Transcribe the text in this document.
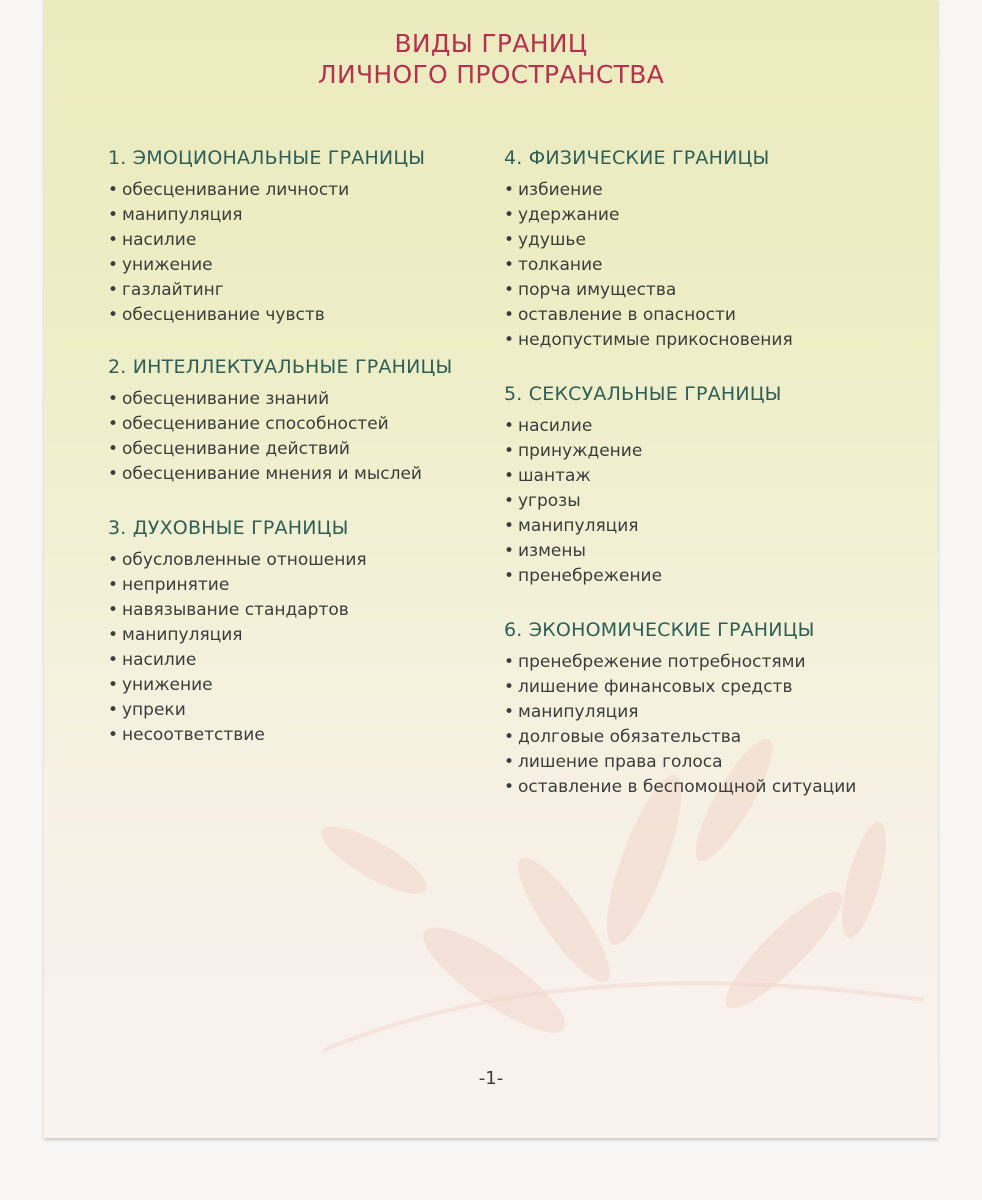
ВИДЫ ГРАНИЦ
ЛИЧНОГО ПРОСТРАНСТВА
1. ЭМОЦИОНАЛЬНЫЕ ГРАНИЦЫ
• обесценивание личности
• манипуляция
• насилие
• унижение
• газлайтинг
• обесценивание чувств
2. ИНТЕЛЛЕКТУАЛЬНЫЕ ГРАНИЦЫ
• обесценивание знаний
• обесценивание способностей
• обесценивание действий
• обесценивание мнения и мыслей
3. ДУХОВНЫЕ ГРАНИЦЫ
• обусловленные отношения
• непринятие
• навязывание стандартов
• манипуляция
• насилие
• унижение
• упреки
• несоответствие
4. ФИЗИЧЕСКИЕ ГРАНИЦЫ
• избиение
• удержание
• удушье
• толкание
• порча имущества
• оставление в опасности
• недопустимые прикосновения
5. СЕКСУАЛЬНЫЕ ГРАНИЦЫ
• насилие
• принуждение
• шантаж
• угрозы
• манипуляция
• измены
• пренебрежение
6. ЭКОНОМИЧЕСКИЕ ГРАНИЦЫ
• пренебрежение потребностями
• лишение финансовых средств
• манипуляция
• долговые обязательства
• лишение права голоса
• оставление в беспомощной ситуации
-1-
